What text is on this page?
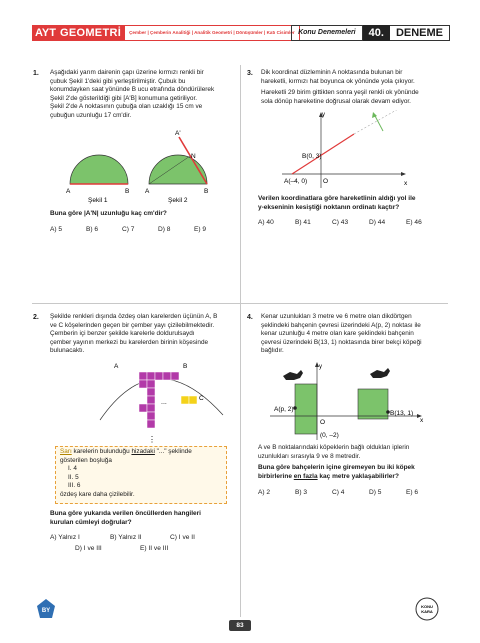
AYT GEOMETRİ	Çember | Çemberin Analitiği | Analitik Geometri | Dönüşümler | Katı Cisimler Konu Denemeleri	40.	DENEME
1. Aşağıdaki yarım dairenin çapı üzerine kırmızı renkli bir
çubuk Şekil 1'deki gibi yerleştirilmiştir. Çubuk bu
konumdayken saat yönünde B ucu etrafında döndürülerek
Şekil 2'de gösterildiği gibi [A'B] konumuna getiriliyor.
Şekil 2'de A noktasının çubuğa olan uzaklığı 15 cm ve
çubuğun uzunluğu 17 cm'dir.
A	B
Şekil 1
A'
N
A	B
Şekil 2
Buna göre |A'N| uzunluğu kaç cm'dir?
A) 5	B) 6	C) 7	D) 8	E) 9
2. Şekilde renkleri dışında özdeş olan karelerden üçünün A, B
ve C köşelerinden geçen bir çember yayı çizilebilmektedir.
Çemberin içi benzer şekilde karelerle doldurulsaydı
çember yayının merkezi bu karelerden birinin köşesinde
bulunacaktı.
...
⋮
A	B
C
Sarı karelerin bulunduğu hizadaki "..." şeklinde
gösterilen boşluğa
I. 4
II. 5
III. 6
özdeş kare daha çizilebilir.
Buna göre yukarıda verilen öncüllerden hangileri
kurulan cümleyi doğrular?
A) Yalnız I	B) Yalnız II	C) I ve II
D) I ve III	E) II ve III
3. Dik koordinat düzleminin A noktasında bulunan bir
hareketli, kırmızı hat boyunca ok yönünde yola çıkıyor.
Hareketli 29 birim gittikten sonra yeşil renkli ok yönünde
sola dönüp hareketine doğrusal olarak devam ediyor.
y
x
B(0, 3)
A(–4, 0) O
Verilen koordinatlara göre hareketlinin aldığı yol ile
y-ekseninin kesiştiği noktanın ordinatı kaçtır?
A) 40	B) 41	C) 43	D) 44	E) 46
4. Kenar uzunlukları 3 metre ve 6 metre olan dikdörtgen
şeklindeki bahçenin çevresi üzerindeki A(p, 2) noktası ile
kenar uzunluğu 4 metre olan kare şeklindeki bahçenin
çevresi üzerindeki B(13, 1) noktasında birer bekçi köpeği
bağlıdır.
y
x
A(p, 2)
B(13, 1)
O
(0, –2)
A ve B noktalarındaki köpeklerin bağlı oldukları iplerin
uzunlukları sırasıyla 9 ve 8 metredir.
Buna göre bahçelerin içine giremeyen bu iki köpek
birbirlerine en fazla kaç metre yaklaşabilirler?
A) 2	B) 3	C) 4	D) 5	E) 6
BY
83
KONU
KARA
